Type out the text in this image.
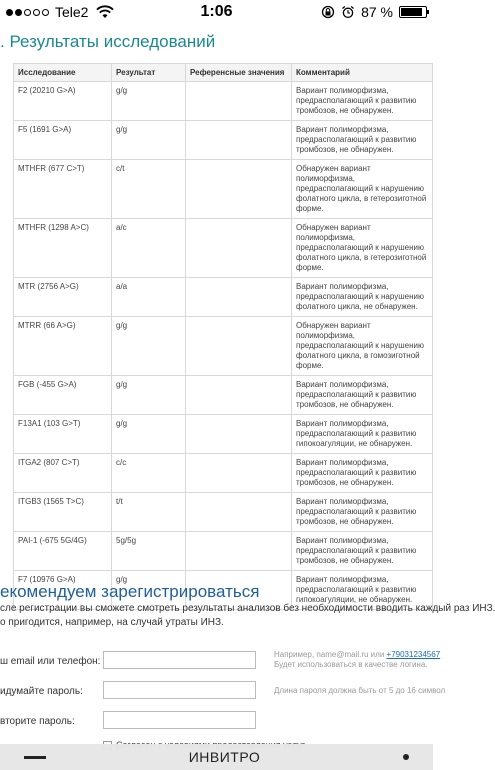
Tele2	1:06	87 %
. Результаты исследований
Исследование	Результат	Референсные значения	Комментарий
F2 (20210 G>A)	g/g		Вариант полиморфизма, предрасполагающий к развитию тромбозов, не обнаружен.
F5 (1691 G>A)	g/g		Вариант полиморфизма, предрасполагающий к развитию тромбозов, не обнаружен.
MTHFR (677 C>T)	c/t		Обнаружен вариант полиморфизма, предрасполагающий к нарушению фолатного цикла, в гетерозиготной форме.
MTHFR (1298 A>C)	a/c		Обнаружен вариант полиморфизма, предрасполагающий к нарушению фолатного цикла, в гетерозиготной форме.
MTR (2756 A>G)	a/a		Вариант полиморфизма, предрасполагающий к нарушению фолатного цикла, не обнаружен.
MTRR (66 A>G)	g/g		Обнаружен вариант полиморфизма, предрасполагающий к нарушению фолатного цикла, в гомозиготной форме.
FGB (-455 G>A)	g/g		Вариант полиморфизма, предрасполагающий к развитию тромбозов, не обнаружен.
F13A1 (103 G>T)	g/g		Вариант полиморфизма, предрасполагающий к развитию гипокоагуляции, не обнаружен.
ITGA2 (807 C>T)	c/c		Вариант полиморфизма, предрасполагающий к развитию тромбозов, не обнаружен.
ITGB3 (1565 T>C)	t/t		Вариант полиморфизма, предрасполагающий к развитию тромбозов, не обнаружен.
PAI-1 (-675 5G/4G)	5g/5g		Вариант полиморфизма, предрасполагающий к развитию тромбозов, не обнаружен.
F7 (10976 G>A)	g/g		Вариант полиморфизма, предрасполагающий к развитию гипокоагуляции, не обнаружен.
екомендуем зарегистрироваться
сле регистрации вы сможете смотреть результаты анализов без необходимости вводить каждый раз ИНЗ.
о пригодится, например, на случай утраты ИНЗ.
ш email или телефон:
Например, name@mail.ru или +79031234567
Будет использоваться в качестве логина.
идумайте пароль:	Длина пароля должна быть от 5 до 16 символ
вторите пароль:
ИНВИТРО
